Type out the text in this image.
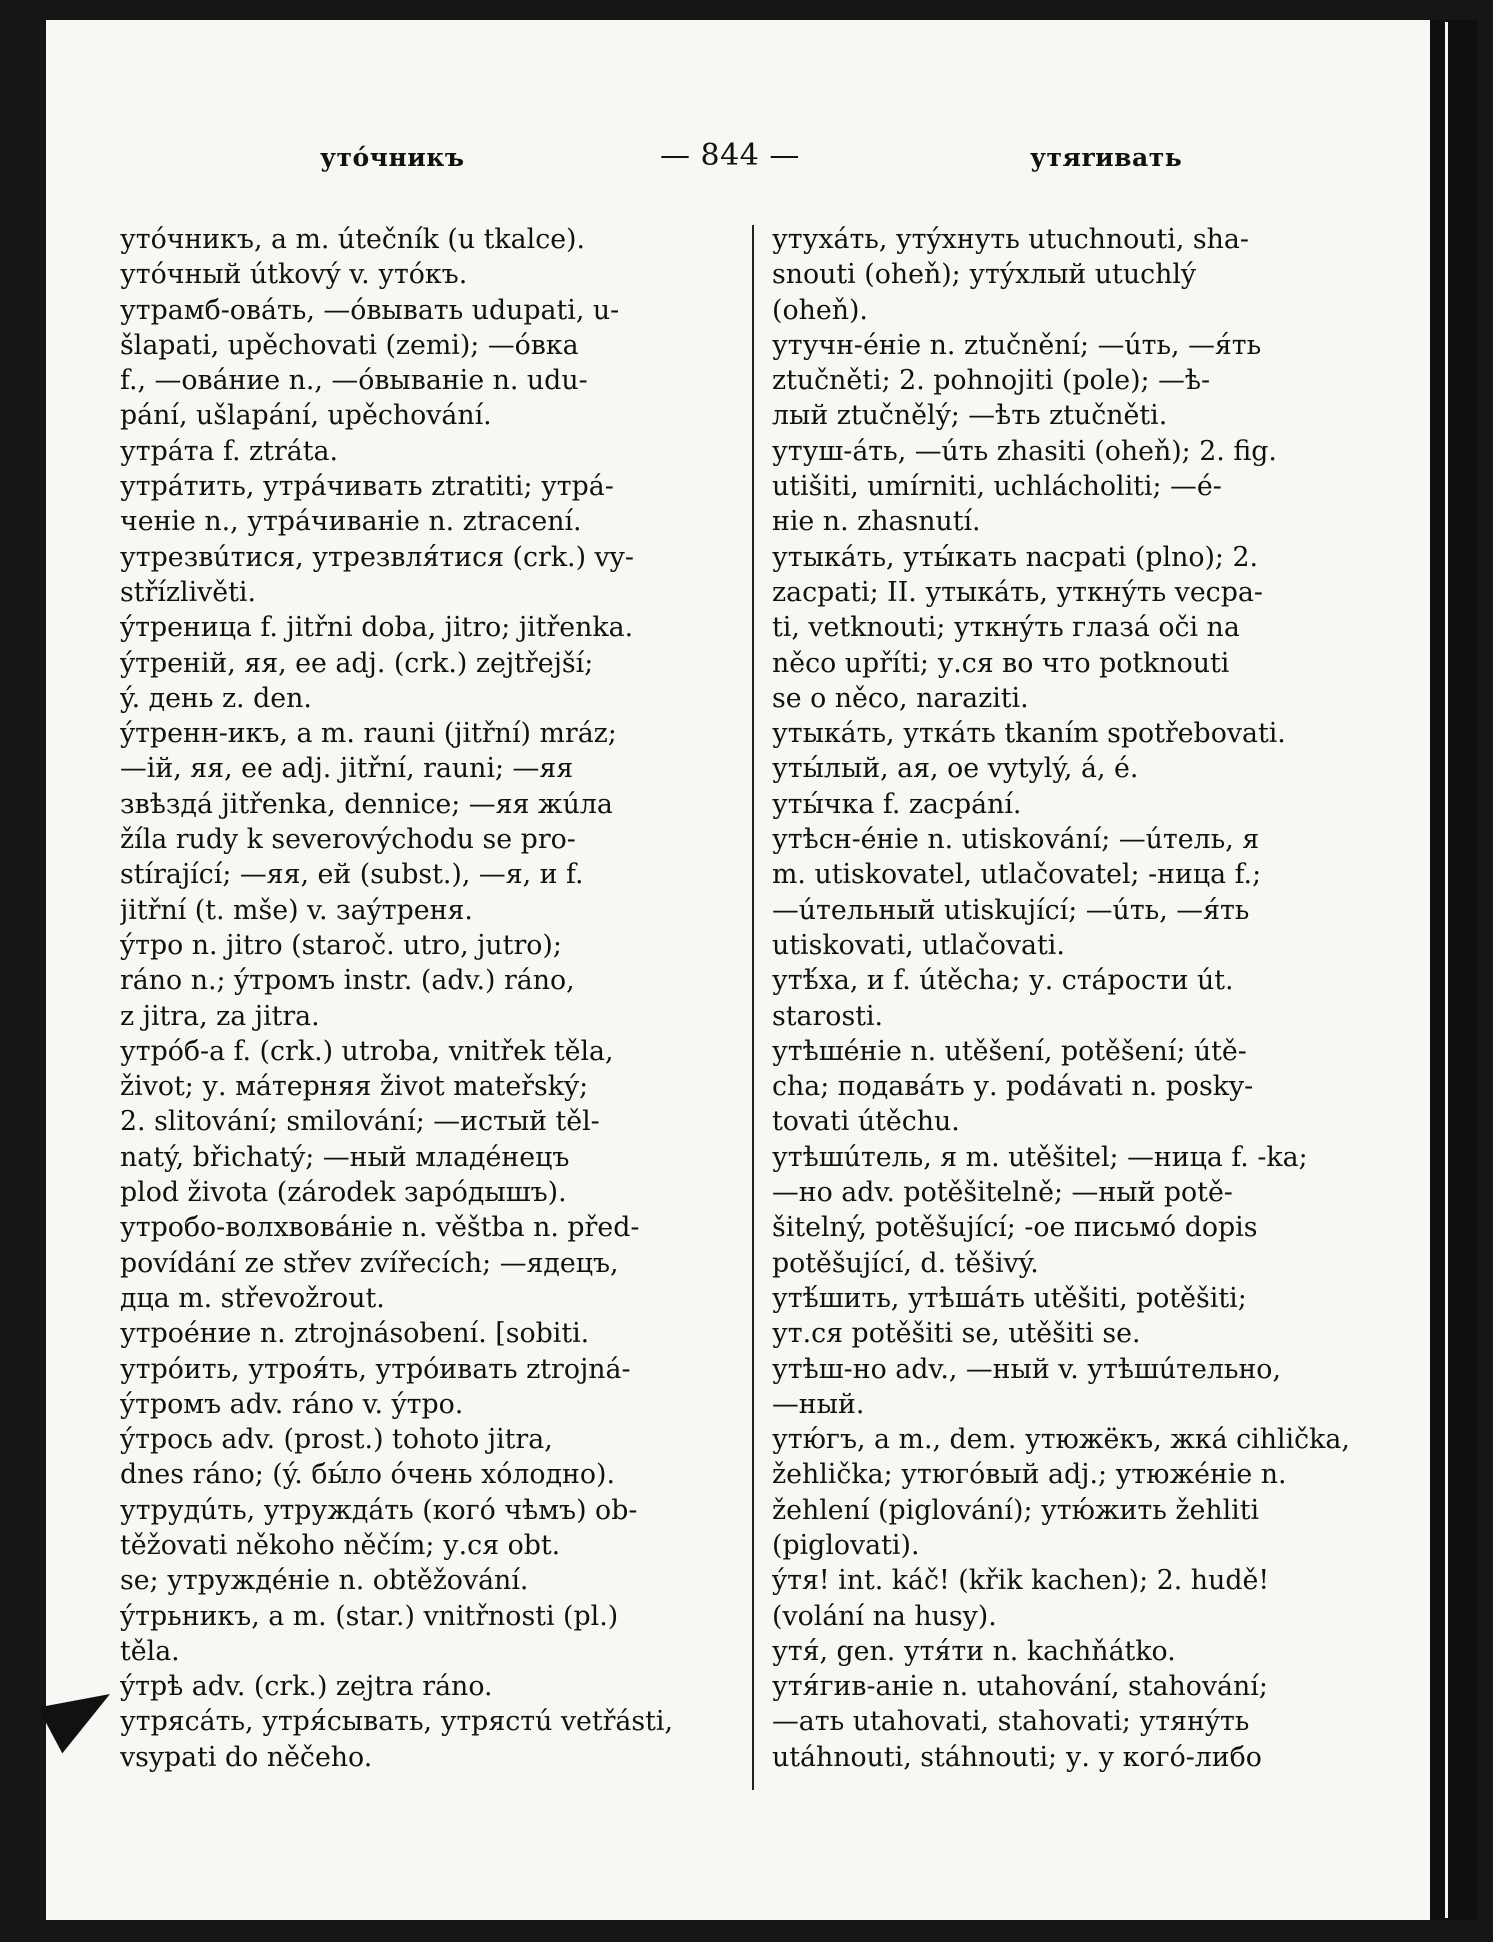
утóчникъ	— 844 —	утяrивать
утóчникъ, a m. útečník (u tkalce).
утóчный útkový v. утóкъ.
утрамб-овáть, —óвывать udupati, u-
šlapati, upěchovati (zemi); —óвка
f., —овáние n., —óвываніе n. udu-
pání, ušlapání, upěchování.
утрáта f. ztráta.
утрáтить, утрáчивать ztratiti; утрá-
ченіе n., утрáчиваніе n. ztracení.
утрезвúтися, утрезвля́тися (crk.) vy-
střízlivěti.
ýтреница f. jitřni doba, jitro; jitřenka.
ýтреній, яя, ее adj. (crk.) zejtřejší;
ý. день z. den.
ýтренн-икъ, a m. raunі (jitřní) mráz;
—ій, яя, ее adj. jitřní, raunі; —яя
звѣздá jitřenka, dennice; —яя жúла
žíla rudy k severovýchodu se pro-
stírající; —яя, ей (subst.), —я, и f.
jitřní (t. mše) v. заýтреня.
ýтро n. jitro (staroč. utro, jutro);
ráno n.; ýтромъ instr. (adv.) ráno,
z jitra, za jitra.
утрóб-а f. (crk.) utroba, vnitřek těla,
život; у. мáтерняя život mateřský;
2. slitování; smilování; —истый těl-
natý, břichatý; —ный младéнецъ
plod života (zárodek зарóдышъ).
утробо-волхвовáніе n. věštba n. před-
povídání ze střev zvířecích; —ядецъ,
дца m. střevožrout.
утроéние n. ztrojnásobení. [sobiti.
утрóить, утроя́ть, утрóивать ztrojná-
ýтромъ adv. ráno v. ýтро.
ýтрось adv. (prost.) tohoto jitra,
dnes ráno; (ý. бы́ло óчень хóлодно).
утрудúть, утруждáть (когó чѣмъ) ob-
těžovati někoho něčím; у.ся obt.
se; утруждéніе n. obtěžování.
ýтрьникъ, a m. (star.) vnitřnosti (pl.)
těla.
ýтрѣ adv. (crk.) zejtra ráno.
утрясáть, утря́сывать, утрястú vetřásti,
vsypati do něčeho.
утухáть, утýхнуть utuchnouti, sha-
snouti (oheň); утýхлый utuchlý
(oheň).
утучн-éніе n. ztučnění; —úть, —я́ть
ztučněti; 2. pohnojiti (pole); —ѣ-
лый ztučnělý; —ѣть ztučněti.
утуш-áть, —úть zhasiti (oheň); 2. fig.
utišiti, umírniti, uchlácholiti; —é-
ніе n. zhasnutí.
утыкáть, уты́кать nacpati (plno); 2.
zacpati; II. утыкáть, уткнýть vecpa-
ti, vetknouti; уткнýть глазá oči na
něco upříti; у.ся во что potknouti
se o něco, naraziti.
утыкáть, уткáть tkaním spotřebovati.
уты́лый, ая, ое vytylý, á, é.
уты́чка f. zacpání.
утѣсн-éніе n. utiskování; —úтель, я
m. utiskovatel, utlačovatel; -ница f.;
—úтельный utiskující; —úть, —я́ть
utiskovati, utlačovati.
утѣ́ха, и f. útěcha; у. стáрости út.
starosti.
утѣшéніе n. utěšení, potěšení; útě-
cha; подавáть у. podávati n. posky-
tovati útěchu.
утѣшúтель, я m. utěšitel; —ница f. -ka;
—но adv. potěšitelně; —ный potě-
šitelný, potěšující; -ое письмó dopis
potěšující, d. těšivý.
утѣ́шить, утѣшáть utěšiti, potěšiti;
ут.ся potěšiti se, utěšiti se.
утѣш-но adv., —ный v. утѣшúтельно,
—ный.
утю́гъ, a m., dem. утюжёкъ, жкá cihlička,
žehlička; утюгóвый adj.; утюжéніе n.
žehlení (piglování); утю́жить žehliti
(piglovati).
ýтя! int. káč! (křik kachen); 2. hudě!
(volání na husy).
утя́, gen. утя́ти n. kachňátko.
утя́гив-аніе n. utahování, stahování;
—ать utahovati, stahovati; утянýть
utáhnouti, stáhnouti; у. у когó-либо
